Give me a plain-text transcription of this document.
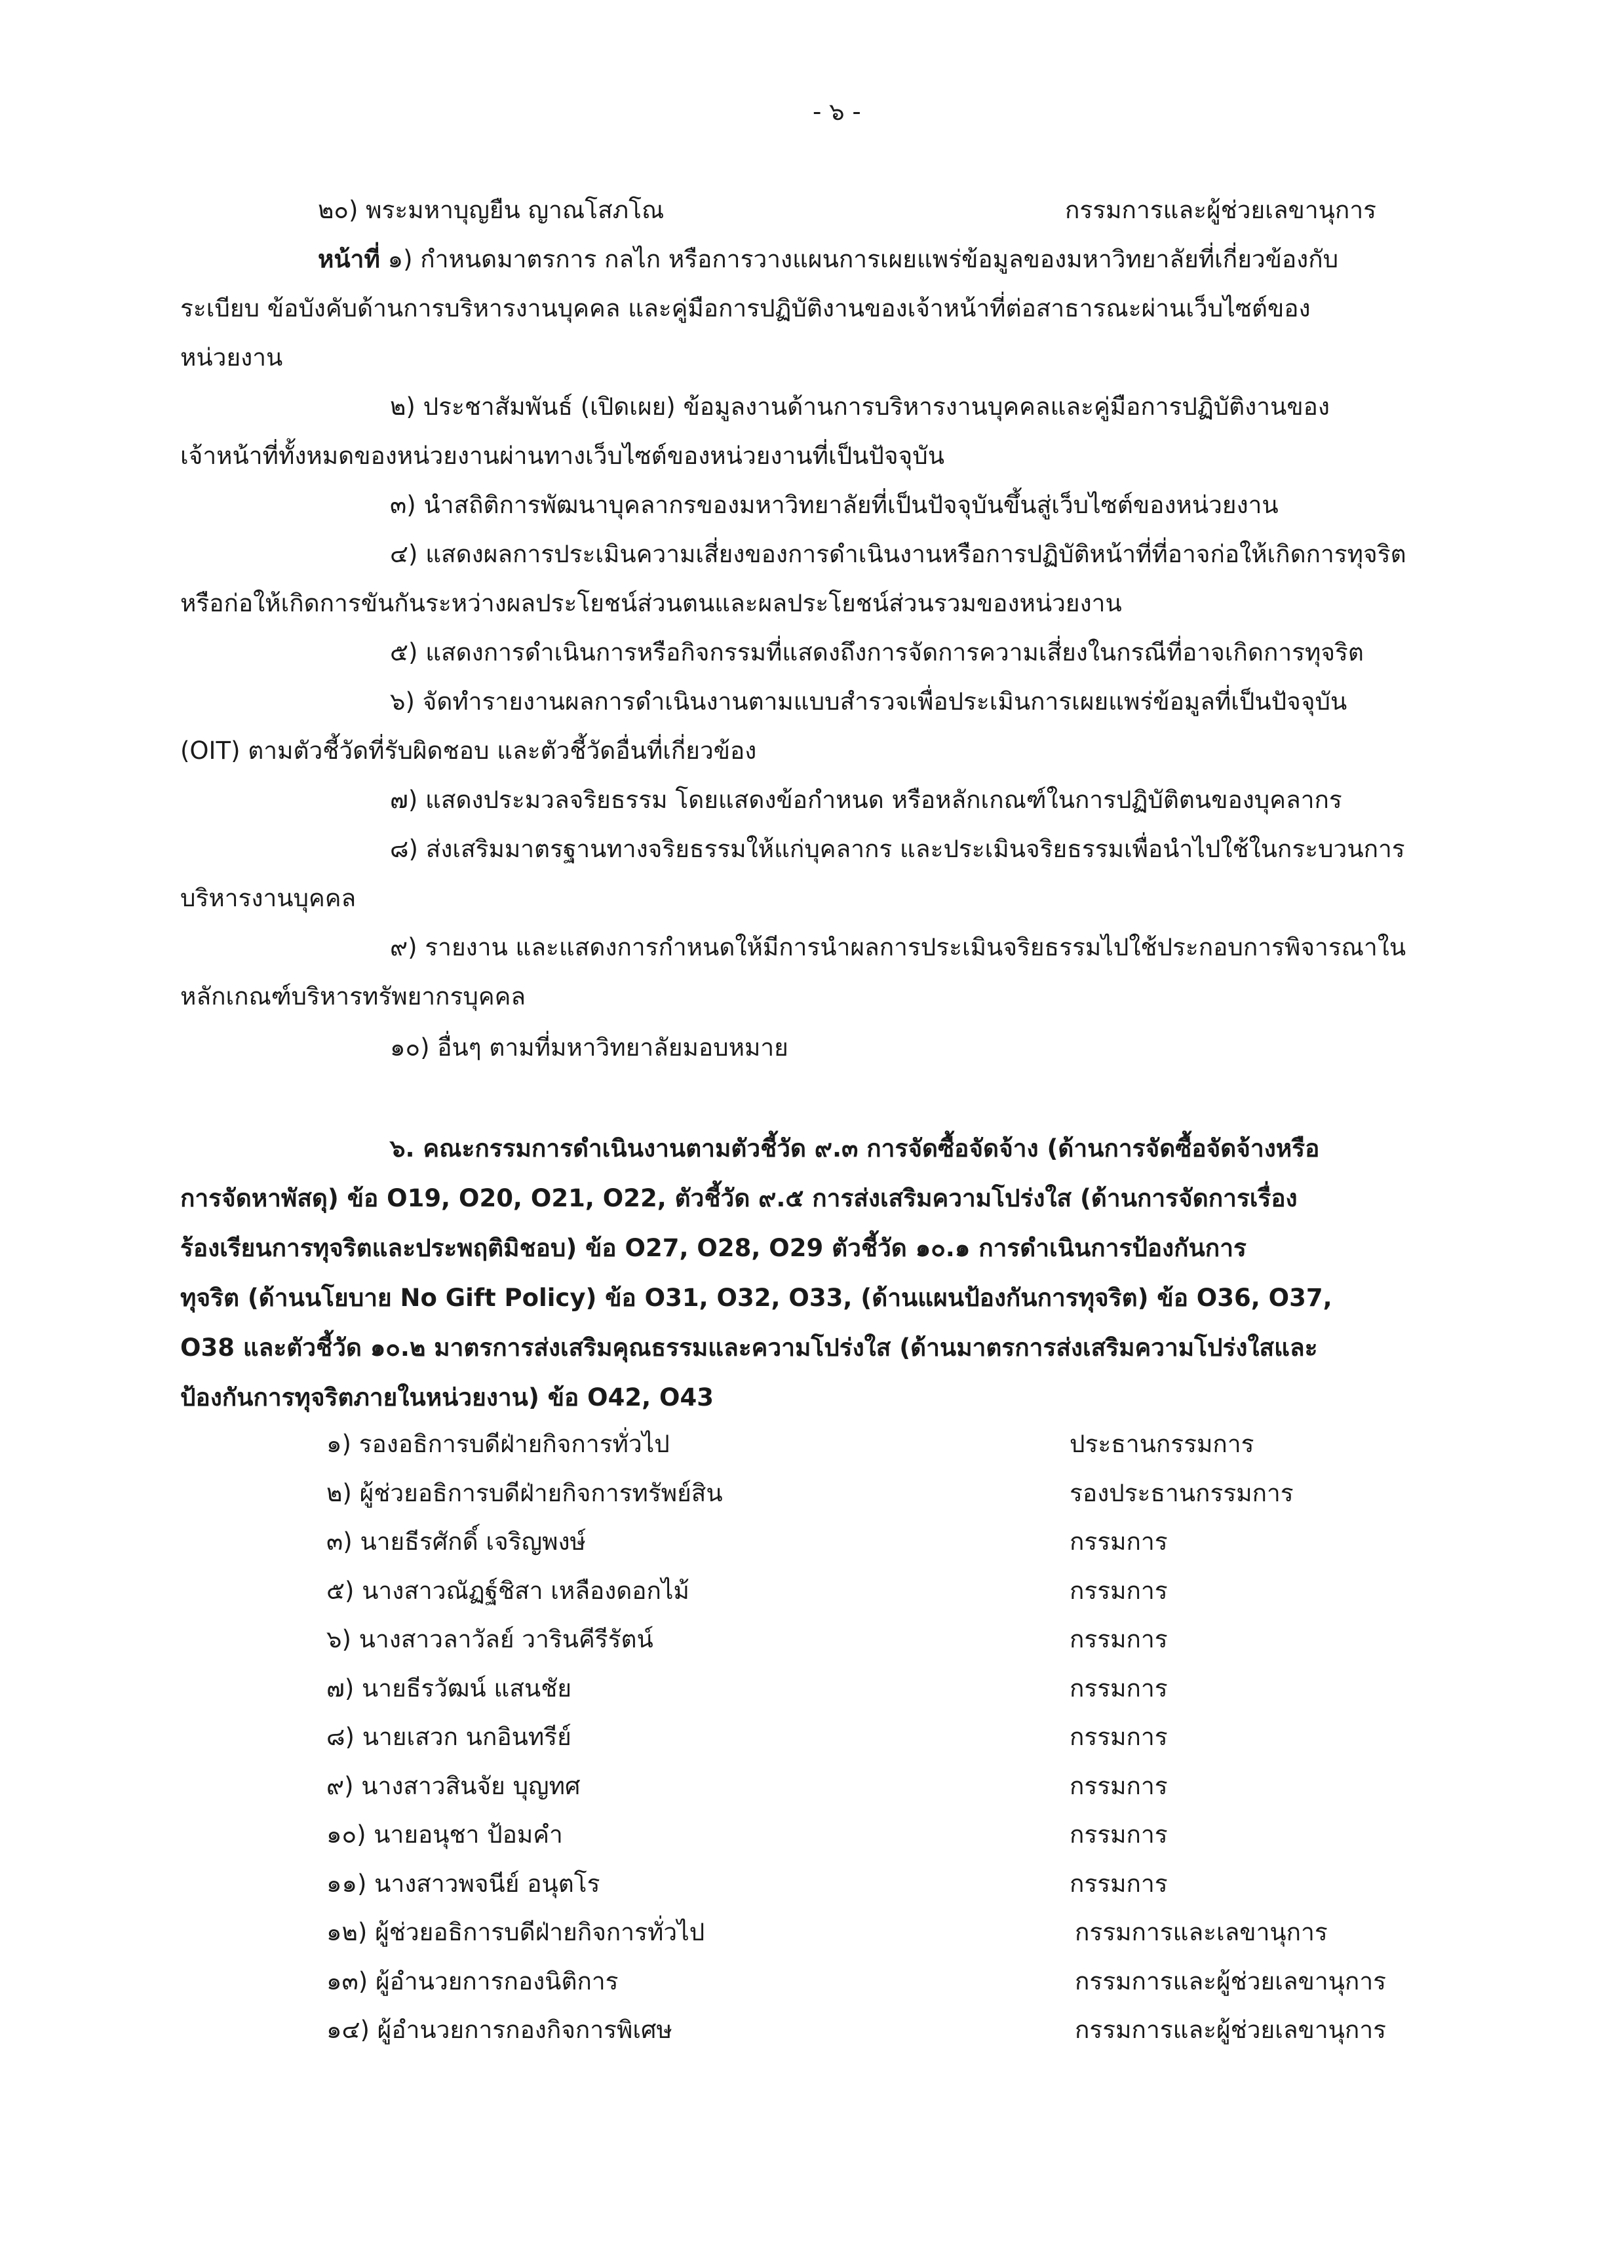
- ๖ -
๒๐) พระมหาบุญยืน ญาณโสภโณ	กรรมการและผู้ช่วยเลขานุการ
หน้าที่ ๑) กำหนดมาตรการ กลไก หรือการวางแผนการเผยแพร่ข้อมูลของมหาวิทยาลัยที่เกี่ยวข้องกับ
ระเบียบ ข้อบังคับด้านการบริหารงานบุคคล และคู่มือการปฏิบัติงานของเจ้าหน้าที่ต่อสาธารณะผ่านเว็บไซต์ของ
หน่วยงาน
๒) ประชาสัมพันธ์ (เปิดเผย) ข้อมูลงานด้านการบริหารงานบุคคลและคู่มือการปฏิบัติงานของ
เจ้าหน้าที่ทั้งหมดของหน่วยงานผ่านทางเว็บไซต์ของหน่วยงานที่เป็นปัจจุบัน
๓) นำสถิติการพัฒนาบุคลากรของมหาวิทยาลัยที่เป็นปัจจุบันขึ้นสู่เว็บไซต์ของหน่วยงาน
๔) แสดงผลการประเมินความเสี่ยงของการดำเนินงานหรือการปฏิบัติหน้าที่ที่อาจก่อให้เกิดการทุจริต
หรือก่อให้เกิดการขันกันระหว่างผลประโยชน์ส่วนตนและผลประโยชน์ส่วนรวมของหน่วยงาน
๕) แสดงการดำเนินการหรือกิจกรรมที่แสดงถึงการจัดการความเสี่ยงในกรณีที่อาจเกิดการทุจริต
๖) จัดทำรายงานผลการดำเนินงานตามแบบสำรวจเพื่อประเมินการเผยแพร่ข้อมูลที่เป็นปัจจุบัน
(OIT) ตามตัวชี้วัดที่รับผิดชอบ และตัวชี้วัดอื่นที่เกี่ยวข้อง
๗) แสดงประมวลจริยธรรม โดยแสดงข้อกำหนด หรือหลักเกณฑ์ในการปฏิบัติตนของบุคลากร
๘) ส่งเสริมมาตรฐานทางจริยธรรมให้แก่บุคลากร และประเมินจริยธรรมเพื่อนำไปใช้ในกระบวนการ
บริหารงานบุคคล
๙) รายงาน และแสดงการกำหนดให้มีการนำผลการประเมินจริยธรรมไปใช้ประกอบการพิจารณาใน
หลักเกณฑ์บริหารทรัพยากรบุคคล
๑๐) อื่นๆ ตามที่มหาวิทยาลัยมอบหมาย
๖. คณะกรรมการดำเนินงานตามตัวชี้วัด ๙.๓ การจัดซื้อจัดจ้าง (ด้านการจัดซื้อจัดจ้างหรือ
การจัดหาพัสดุ) ข้อ O19, O20, O21, O22, ตัวชี้วัด ๙.๕ การส่งเสริมความโปร่งใส (ด้านการจัดการเรื่อง
ร้องเรียนการทุจริตและประพฤติมิชอบ) ข้อ O27, O28, O29 ตัวชี้วัด ๑๐.๑ การดำเนินการป้องกันการ
ทุจริต (ด้านนโยบาย No Gift Policy) ข้อ O31, O32, O33, (ด้านแผนป้องกันการทุจริต) ข้อ O36, O37,
O38 และตัวชี้วัด ๑๐.๒ มาตรการส่งเสริมคุณธรรมและความโปร่งใส (ด้านมาตรการส่งเสริมความโปร่งใสและ
ป้องกันการทุจริตภายในหน่วยงาน) ข้อ O42, O43
๑) รองอธิการบดีฝ่ายกิจการทั่วไป	ประธานกรรมการ
๒) ผู้ช่วยอธิการบดีฝ่ายกิจการทรัพย์สิน	รองประธานกรรมการ
๓) นายธีรศักดิ์ เจริญพงษ์	กรรมการ
๕) นางสาวณัฏฐ์ชิสา เหลืองดอกไม้	กรรมการ
๖) นางสาวลาวัลย์ วารินคีรีรัตน์	กรรมการ
๗) นายธีรวัฒน์ แสนชัย	กรรมการ
๘) นายเสวก นกอินทรีย์	กรรมการ
๙) นางสาวสินจัย บุญทศ	กรรมการ
๑๐) นายอนุชา ป้อมคำ	กรรมการ
๑๑) นางสาวพจนีย์ อนุตโร	กรรมการ
๑๒) ผู้ช่วยอธิการบดีฝ่ายกิจการทั่วไป	กรรมการและเลขานุการ
๑๓) ผู้อำนวยการกองนิติการ	กรรมการและผู้ช่วยเลขานุการ
๑๔) ผู้อำนวยการกองกิจการพิเศษ	กรรมการและผู้ช่วยเลขานุการ
